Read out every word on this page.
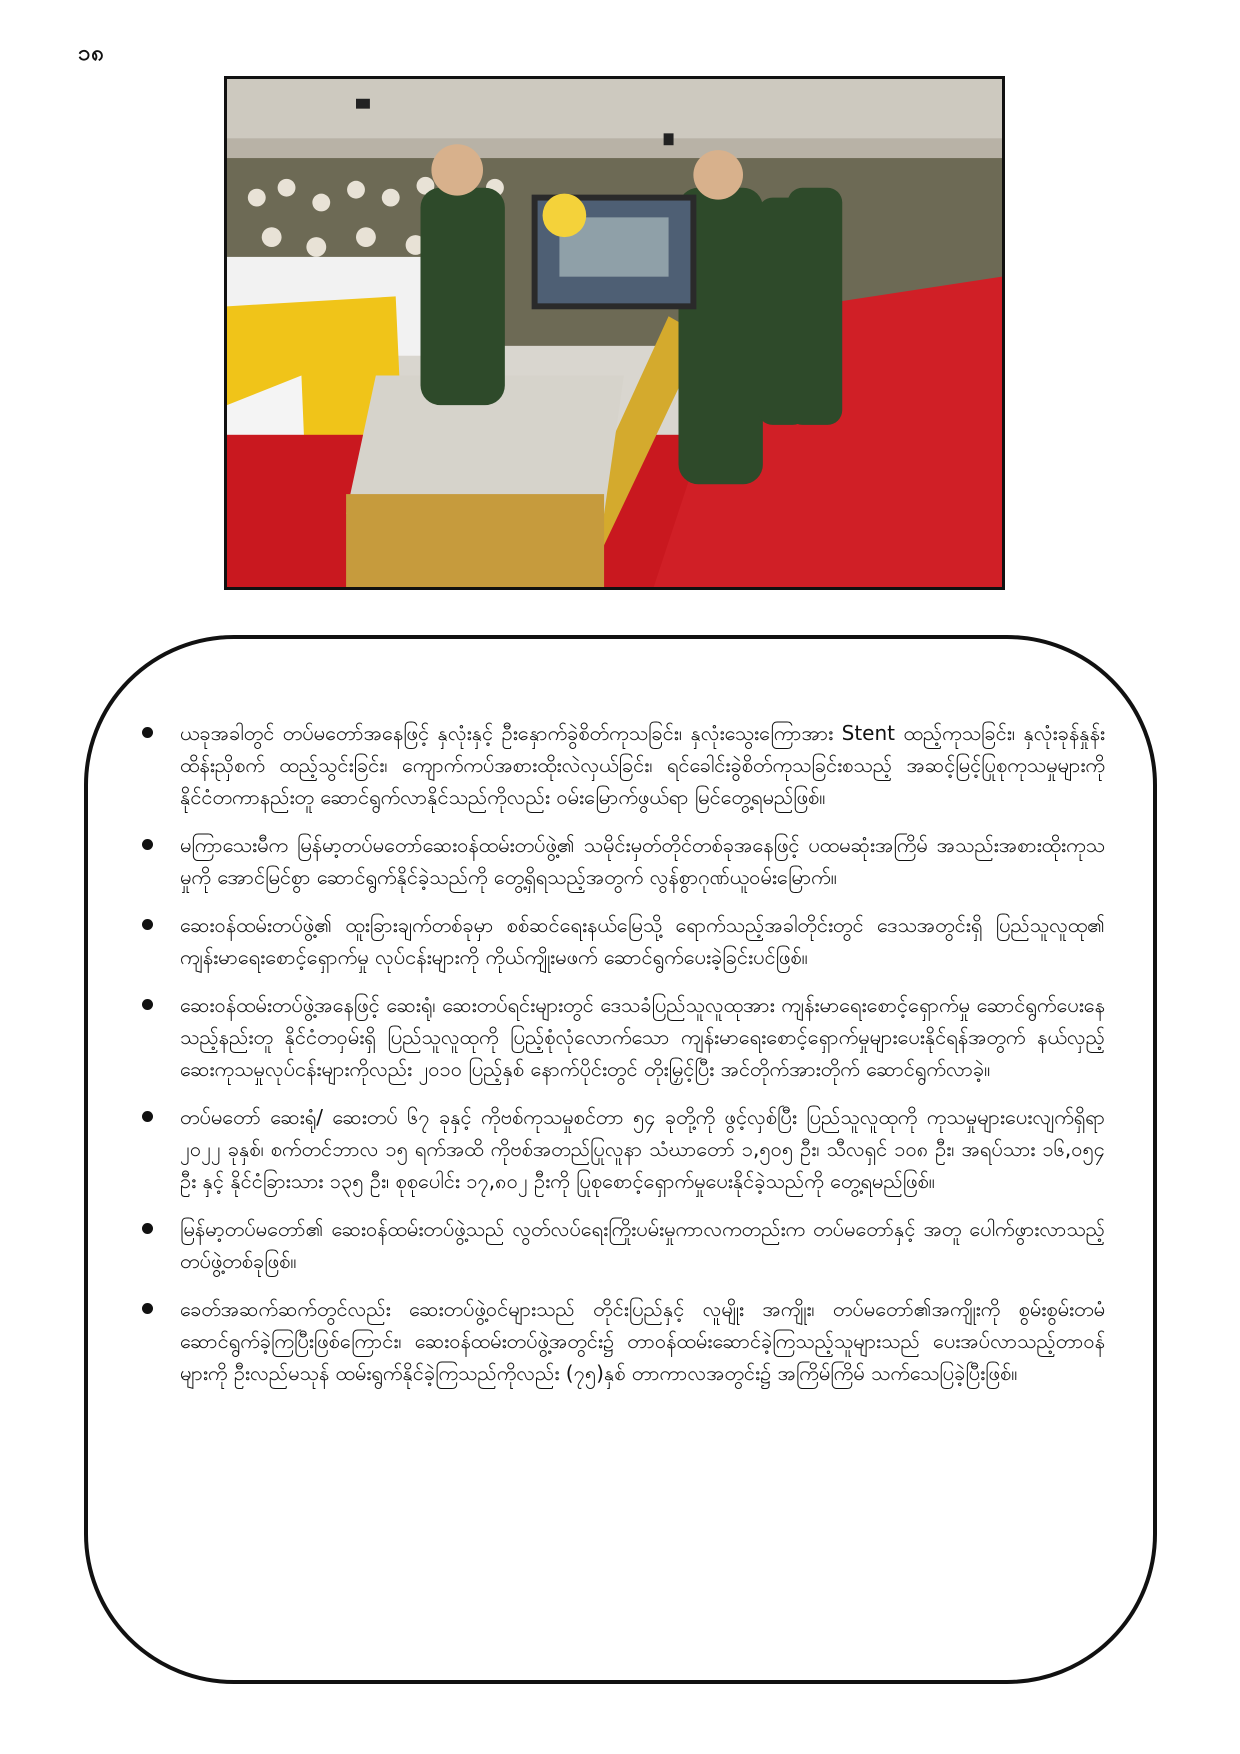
၁၈
ယခုအခါတွင် တပ်မတော်အနေဖြင့် နှလုံးနှင့် ဦးနှောက်ခွဲစိတ်ကုသခြင်း၊ နှလုံးသွေးကြောအား Stent ထည့်ကုသခြင်း၊ နှလုံးခုန်နှုန်းထိန်းညှိစက် ထည့်သွင်းခြင်း၊ ကျောက်ကပ်အစားထိုးလဲလှယ်ခြင်း၊ ရင်ခေါင်းခွဲစိတ်ကုသခြင်းစသည့် အဆင့်မြင့်ပြုစုကုသမှုများကို နိုင်ငံတကာနည်းတူ ဆောင်ရွက်လာနိုင်သည်ကိုလည်း ဝမ်းမြောက်ဖွယ်ရာ မြင်တွေ့ရမည်ဖြစ်။
မကြာသေးမီက မြန်မာ့တပ်မတော်ဆေးဝန်ထမ်းတပ်ဖွဲ့၏ သမိုင်းမှတ်တိုင်တစ်ခုအနေဖြင့် ပထမဆုံးအကြိမ် အသည်းအစားထိုးကုသမှုကို အောင်မြင်စွာ ဆောင်ရွက်နိုင်ခဲ့သည်ကို တွေ့ရှိရသည့်အတွက် လွန်စွာဂုဏ်ယူဝမ်းမြောက်။
ဆေးဝန်ထမ်းတပ်ဖွဲ့၏ ထူးခြားချက်တစ်ခုမှာ စစ်ဆင်ရေးနယ်မြေသို့ ရောက်သည့်အခါတိုင်းတွင် ဒေသအတွင်းရှိ ပြည်သူလူထု၏ ကျန်းမာရေးစောင့်ရှောက်မှု လုပ်ငန်းများကို ကိုယ်ကျိုးမဖက် ဆောင်ရွက်ပေးခဲ့ခြင်းပင်ဖြစ်။
ဆေးဝန်ထမ်းတပ်ဖွဲ့အနေဖြင့် ဆေးရုံ၊ ဆေးတပ်ရင်းများတွင် ဒေသခံပြည်သူလူထုအား ကျန်းမာရေးစောင့်ရှောက်မှု ဆောင်ရွက်ပေးနေသည့်နည်းတူ နိုင်ငံတဝှမ်းရှိ ပြည်သူလူထုကို ပြည့်စုံလုံလောက်သော ကျန်းမာရေးစောင့်ရှောက်မှုများပေးနိုင်ရန်အတွက် နယ်လှည့်ဆေးကုသမှုလုပ်ငန်းများကိုလည်း ၂၀၁၀ ပြည့်နှစ် နောက်ပိုင်းတွင် တိုးမြှင့်ပြီး အင်တိုက်အားတိုက် ဆောင်ရွက်လာခဲ့။
တပ်မတော် ဆေးရုံ/ ဆေးတပ် ၆၇ ခုနှင့် ကိုဗစ်ကုသမှုစင်တာ ၅၄ ခုတို့ကို ဖွင့်လှစ်ပြီး ပြည်သူလူထုကို ကုသမှုများပေးလျက်ရှိရာ ၂၀၂၂ ခုနှစ်၊ စက်တင်ဘာလ ၁၅ ရက်အထိ ကိုဗစ်အတည်ပြုလူနာ သံဃာတော် ၁,၅၀၅ ဦး၊ သီလရှင် ၁၀၈ ဦး၊ အရပ်သား ၁၆,၀၅၄ ဦး နှင့် နိုင်ငံခြားသား ၁၃၅ ဦး၊ စုစုပေါင်း ၁၇,၈၀၂ ဦးကို ပြုစုစောင့်ရှောက်မှုပေးနိုင်ခဲ့သည်ကို တွေ့ရမည်ဖြစ်။
မြန်မာ့တပ်မတော်၏ ဆေးဝန်ထမ်းတပ်ဖွဲ့သည် လွတ်လပ်ရေးကြိုးပမ်းမှုကာလကတည်းက တပ်မတော်နှင့် အတူ ပေါက်ဖွားလာသည့် တပ်ဖွဲ့တစ်ခုဖြစ်။
ခေတ်အဆက်ဆက်တွင်လည်း ဆေးတပ်ဖွဲ့ဝင်များသည် တိုင်းပြည်နှင့် လူမျိုး အကျိုး၊ တပ်မတော်၏အကျိုးကို စွမ်းစွမ်းတမံ ဆောင်ရွက်ခဲ့ကြပြီးဖြစ်ကြောင်း၊ ဆေးဝန်ထမ်းတပ်ဖွဲ့အတွင်း၌ တာဝန်ထမ်းဆောင်ခဲ့ကြသည့်သူများသည် ပေးအပ်လာသည့်တာဝန်များကို ဦးလည်မသုန် ထမ်းရွက်နိုင်ခဲ့ကြသည်ကိုလည်း (၇၅)နှစ် တာကာလအတွင်း၌ အကြိမ်ကြိမ် သက်သေပြခဲ့ပြီးဖြစ်။
